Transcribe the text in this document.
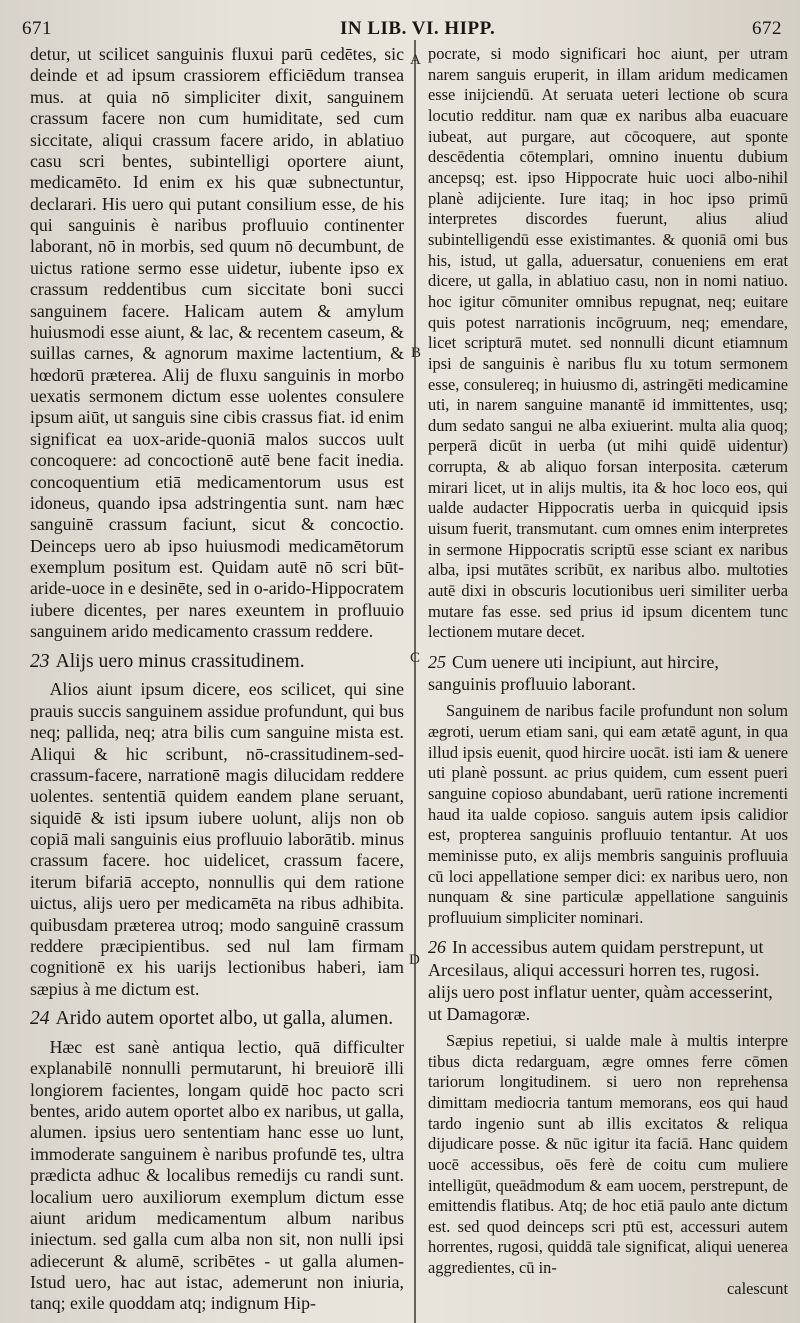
671	IN LIB. VI. HIPP.	672
A
B
C
D

detur, ut scilicet sanguinis fluxui parū cedētes, sic deinde et ad ipsum crassiorem efficiēdum transea mus. at quia nō simpliciter dixit, sanguinem crassum facere non cum humiditate, sed cum siccitate, aliqui crassum facere arido, in ablatiuo casu scri bentes, subintelligi oportere aiunt, medicamēto. Id enim ex his quæ subnectuntur, declarari. His uero qui putant consilium esse, de his qui sanguinis è naribus profluuio continenter laborant, nō in morbis, sed quum nō decumbunt, de uictus ratione sermo esse uidetur, iubente ipso ex crassum reddentibus cum siccitate boni succi sanguinem facere. Halicam autem & amylum huiusmodi esse aiunt, & lac, & recentem caseum, & suillas carnes, & agnorum maxime lactentium, & hœdorū præterea. Alij de fluxu sanguinis in morbo uexatis sermonem dictum esse uolentes consulere ipsum aiūt, ut sanguis sine cibis crassus fiat. id enim significat ea uox-aride-quoniā malos succos uult concoquere: ad concoctionē autē bene facit inedia. concoquentium etiā medicamentorum usus est idoneus, quando ipsa adstringentia sunt. nam hæc sanguinē crassum faciunt, sicut & concoctio. Deinceps uero ab ipso huiusmodi medicamētorum exemplum positum est. Quidam autē nō scri būt-aride-uoce in e desinēte, sed in o-arido-Hippocratem iubere dicentes, per nares exeuntem in profluuio sanguinem arido medicamento crassum reddere.

23 Alijs uero minus crassitudinem.

Alios aiunt ipsum dicere, eos scilicet, qui sine prauis succis sanguinem assidue profundunt, qui bus neq; pallida, neq; atra bilis cum sanguine mista est. Aliqui & hic scribunt, nō-crassitudinem-sed-crassum-facere, narrationē magis dilucidam reddere uolentes. sententiā quidem eandem plane seruant, siquidē & isti ipsum iubere uolunt, alijs non ob copiā mali sanguinis eius profluuio laborātib. minus crassum facere. hoc uidelicet, crassum facere, iterum bifariā accepto, nonnullis qui dem ratione uictus, alijs uero per medicamēta na ribus adhibita. quibusdam præterea utroq; modo sanguinē crassum reddere præcipientibus. sed nul lam firmam cognitionē ex his uarijs lectionibus haberi, iam sæpius à me dictum est.

24 Arido autem oportet albo, ut galla, alumen.

Hæc est sanè antiqua lectio, quā difficulter explanabilē nonnulli permutarunt, hi breuiorē illi longiorem facientes, longam quidē hoc pacto scri bentes, arido autem oportet albo ex naribus, ut galla, alumen. ipsius uero sententiam hanc esse uo lunt, immoderate sanguinem è naribus profundē tes, ultra prædicta adhuc & localibus remedijs cu randi sunt. localium uero auxiliorum exemplum dictum esse aiunt aridum medicamentum album naribus iniectum. sed galla cum alba non sit, non nulli ipsi adiecerunt & alumē, scribētes - ut galla alumen-Istud uero, hac aut istac, ademerunt non iniuria, tanq; exile quoddam atq; indignum Hip-

pocrate, si modo significari hoc aiunt, per utram narem sanguis eruperit, in illam aridum medicamen esse inijciendū. At seruata ueteri lectione ob scura locutio redditur. nam quæ ex naribus alba euacuare iubeat, aut purgare, aut cōcoquere, aut sponte descēdentia cōtemplari, omnino inuentu dubium ancepsq; est. ipso Hippocrate huic uoci albo-nihil planè adijciente. Iure itaq; in hoc ipso primū interpretes discordes fuerunt, alius aliud subintelligendū esse existimantes. & quoniā omi bus his, istud, ut galla, aduersatur, conueniens em erat dicere, ut galla, in ablatiuo casu, non in nomi natiuo. hoc igitur cōmuniter omnibus repugnat, neq; euitare quis potest narrationis incōgruum, neq; emendare, licet scripturā mutet. sed nonnulli dicunt etiamnum ipsi de sanguinis è naribus flu xu totum sermonem esse, consulereq; in huiusmo di, astringēti medicamine uti, in narem sanguine manantē id immittentes, usq; dum sedato sangui ne alba exiuerint. multa alia quoq; perperā dicūt in uerba (ut mihi quidē uidentur) corrupta, & ab aliquo forsan interposita. cæterum mirari licet, ut in alijs multis, ita & hoc loco eos, qui ualde audacter Hippocratis uerba in quicquid ipsis uisum fuerit, transmutant. cum omnes enim interpretes in sermone Hippocratis scriptū esse sciant ex naribus alba, ipsi mutātes scribūt, ex naribus albo. multoties autē dixi in obscuris locutionibus ueri similiter uerba mutare fas esse. sed prius id ipsum dicentem tunc lectionem mutare decet.

25 Cum uenere uti incipiunt, aut hircire, sanguinis profluuio laborant.

Sanguinem de naribus facile profundunt non solum ægroti, uerum etiam sani, qui eam ætatē agunt, in qua illud ipsis euenit, quod hircire uocāt. isti iam & uenere uti planè possunt. ac prius quidem, cum essent pueri sanguine copioso abundabant, uerū ratione incrementi haud ita ualde copioso. sanguis autem ipsis calidior est, propterea sanguinis profluuio tentantur. At uos meminisse puto, ex alijs membris sanguinis profluuia cū loci appellatione semper dici: ex naribus uero, non nunquam & sine particulæ appellatione sanguinis profluuium simpliciter nominari.

26 In accessibus autem quidam perstrepunt, ut Arcesilaus, aliqui accessuri horren tes, rugosi. alijs uero post inflatur uenter, quàm accesserint, ut Damagoræ.

Sæpius repetiui, si ualde male à multis interpre tibus dicta redarguam, ægre omnes ferre cōmen tariorum longitudinem. si uero non reprehensa dimittam mediocria tantum memorans, eos qui haud tardo ingenio sunt ab illis excitatos & reliqua dijudicare posse. & nūc igitur ita faciā. Hanc quidem uocē accessibus, oēs ferè de coitu cum muliere intelligūt, queādmodum & eam uocem, perstrepunt, de emittendis flatibus. Atq; de hoc etiā paulo ante dictum est. sed quod deinceps scri ptū est, accessuri autem horrentes, rugosi, quiddā tale significat, aliqui uenerea aggredientes, cū in-

calescunt
